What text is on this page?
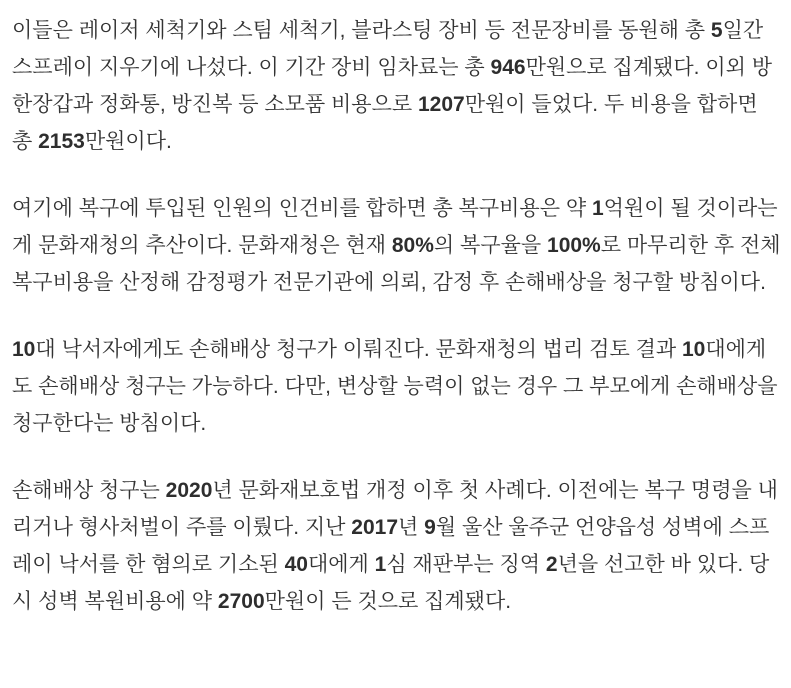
이들은 레이저 세척기와 스팀 세척기, 블라스팅 장비 등 전문장비를 동원해 총 5일간 스프레이 지우기에 나섰다. 이 기간 장비 임차료는 총 946만원으로 집계됐다. 이외 방한장갑과 정화통, 방진복 등 소모품 비용으로 1207만원이 들었다. 두 비용을 합하면 총 2153만원이다.

여기에 복구에 투입된 인원의 인건비를 합하면 총 복구비용은 약 1억원이 될 것이라는 게 문화재청의 추산이다. 문화재청은 현재 80%의 복구율을 100%로 마무리한 후 전체 복구비용을 산정해 감정평가 전문기관에 의뢰, 감정 후 손해배상을 청구할 방침이다.

10대 낙서자에게도 손해배상 청구가 이뤄진다. 문화재청의 법리 검토 결과 10대에게도 손해배상 청구는 가능하다. 다만, 변상할 능력이 없는 경우 그 부모에게 손해배상을 청구한다는 방침이다.

손해배상 청구는 2020년 문화재보호법 개정 이후 첫 사례다. 이전에는 복구 명령을 내리거나 형사처벌이 주를 이뤘다. 지난 2017년 9월 울산 울주군 언양읍성 성벽에 스프레이 낙서를 한 혐의로 기소된 40대에게 1심 재판부는 징역 2년을 선고한 바 있다. 당시 성벽 복원비용에 약 2700만원이 든 것으로 집계됐다.
